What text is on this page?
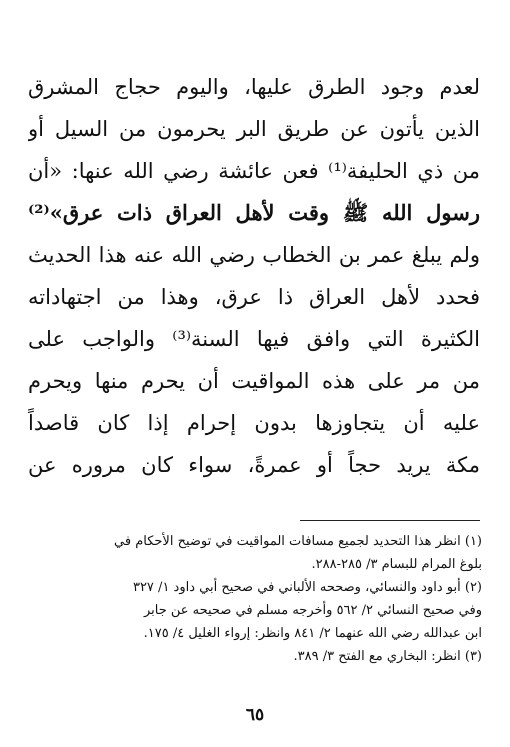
لعدم وجود الطرق عليها، واليوم حجاج المشرق
الذين يأتون عن طريق البر يحرمون من السيل أو
من ذي الحليفة⁽¹⁾ فعن عائشة رضي الله عنها: «أن
رسول الله ﷺ وقت لأهل العراق ذات عرق»⁽²⁾
ولم يبلغ عمر بن الخطاب رضي الله عنه هذا الحديث
فحدد لأهل العراق ذا عرق، وهذا من اجتهاداته
الكثيرة التي وافق فيها السنة⁽³⁾ والواجب على
من مر على هذه المواقيت أن يحرم منها ويحرم
عليه أن يتجاوزها بدون إحرام إذا كان قاصداً
مكة يريد حجاً أو عمرةً، سواء كان مروره عن
(١) انظر هذا التحديد لجميع مسافات المواقيت في توضيح الأحكام في
بلوغ المرام للبسام ٣/ ٢٨٥-٢٨٨.
(٢) أبو داود والنسائي، وصححه الألباني في صحيح أبي داود ١/ ٣٢٧
وفي صحيح النسائي ٢/ ٥٦٢ وأخرجه مسلم في صحيحه عن جابر
ابن عبدالله رضي الله عنهما ٢/ ٨٤١ وانظر: إرواء الغليل ٤/ ١٧٥.
(٣) انظر: البخاري مع الفتح ٣/ ٣٨٩.
٦٥
